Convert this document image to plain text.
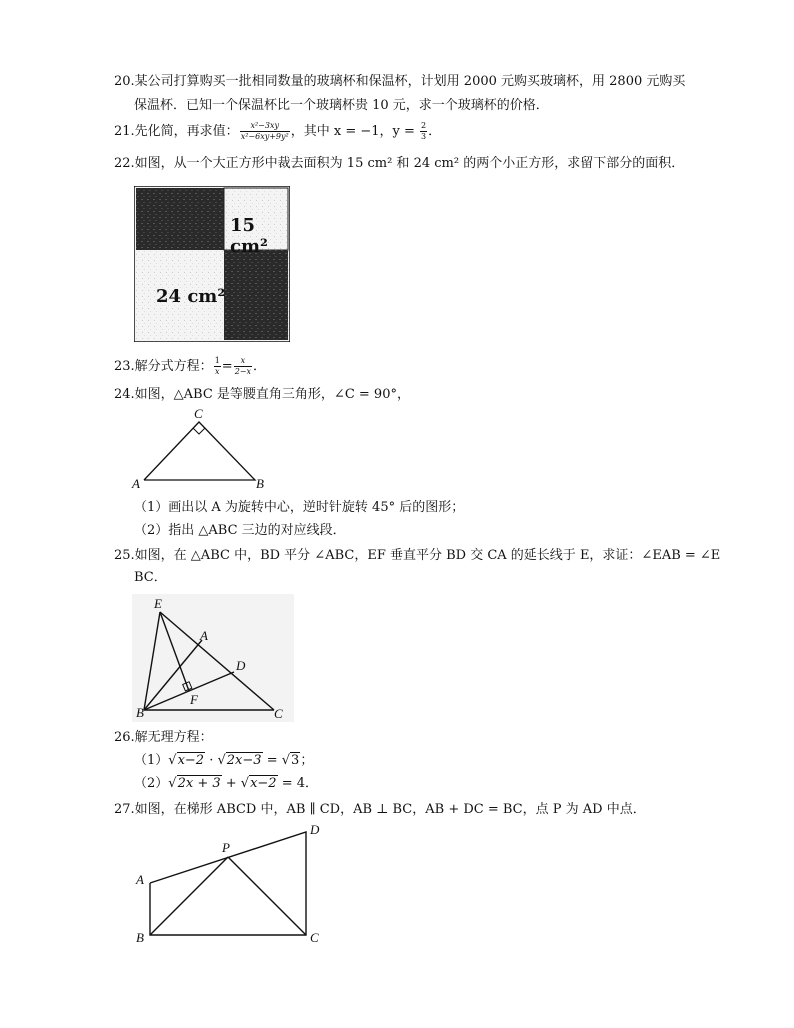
20.某公司打算购买一批相同数量的玻璃杯和保温杯，计划用 2000 元购买玻璃杯，用 2800 元购买
保温杯．已知一个保温杯比一个玻璃杯贵 10 元，求一个玻璃杯的价格．
21.先化简，再求值： $\frac{\text{x²−3xy}}{\text{x²−6xy+9y²}}$ ，其中 x = −1，$y = \frac{2}{3}$ ．
22.如图，从一个大正方形中裁去面积为 15 cm² 和 24 cm² 的两个小正方形，求留下部分的面积．
15 cm²
24 cm²
23.解分式方程： $\frac{1}{x} = \frac{x}{2-x}$ ．
24.如图，△ABC 是等腰直角三角形，∠C = 90°，
C
A	B
（1）画出以 A 为旋转中心，逆时针旋转 45° 后的图形；
（2）指出 △ABC 三边的对应线段．
25.如图，在 △ABC 中，BD 平分 ∠ABC，EF 垂直平分 BD 交 CA 的延长线于 E，求证：∠EAB = ∠E
BC．
E
A
D
F
B	C
26.解无理方程：
（1）√x−2 · √2x−3 = √3；
（2）√2x + 3 + √x−2 = 4．
27.如图，在梯形 ABCD 中，AB ∥ CD，AB ⊥ BC，AB + DC = BC，点 P 为 AD 中点．
P
D
A
B	C
